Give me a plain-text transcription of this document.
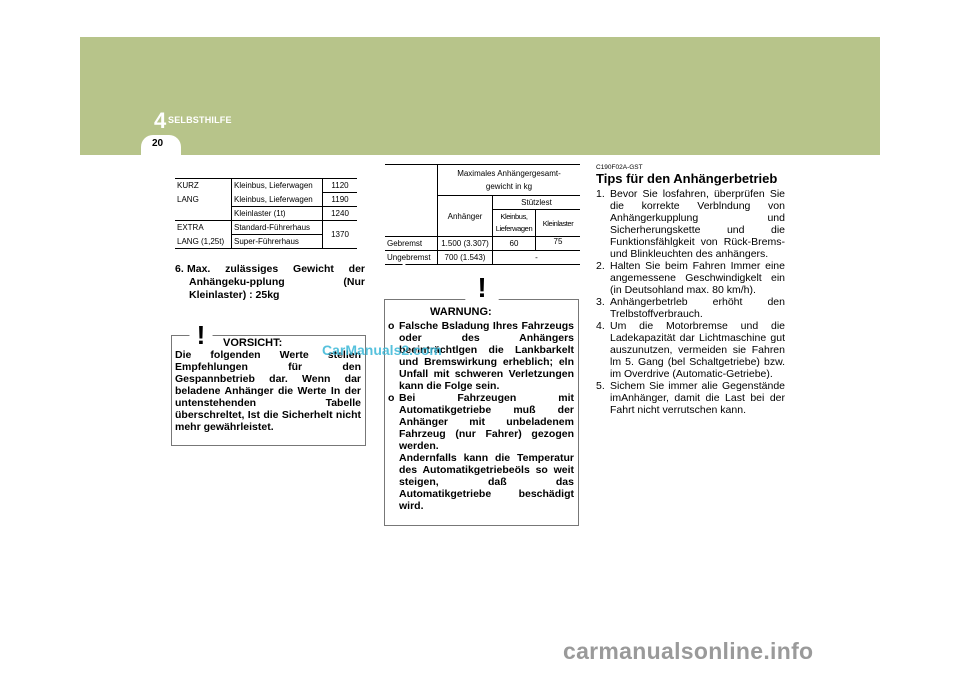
4 SELBSTHILFE
20
KURZ	Kleinbus, Lieferwagen	1120
LANG	Kleinbus, Lieferwagen	1190
	Kleinlaster (1t)	1240
EXTRA	Standard-Führerhaus	1370
LANG (1,25t)	Super-Führerhaus	
6. Max. zulässiges Gewicht der Anhängeku-pplung (Nur Kleinlaster) : 25kg
! VORSICHT:
Die folgenden Werte stellen Empfehlungen für den Gespannbetrieb dar. Wenn dar beladene Anhänger die Werte In der untenstehenden Tabelle überschreltet, Ist die Sicherhelt nicht mehr gewährleistet.
	Maximales Anhängergesamt-gewicht in kg		
	Anhänger	Stützlest	
		Kleinbus, Lieferwagen	Kleinlaster
Gebremst	1.500 (3.307)	60	75
Ungebremst	700 (1.543)	-	
!
WARNUNG:
o Falsche Bsladung Ihres Fahrzeugs oder des Anhängers beeinträchtlgen die Lankbarkelt und Bremswirkung erheblich; eln Unfall mit schweren Verletzungen kann die Folge sein.
o Bei Fahrzeugen mit Automatikgetriebe muß der Anhänger mit unbeladenem Fahrzeug (nur Fahrer) gezogen werden.
Andernfalls kann die Temperatur des Automatikgetriebeöls so weit steigen, daß das Automatikgetriebe beschädigt wird.
C190F02A-GST
Tips für den Anhängerbetrieb
1. Bevor Sie losfahren, überprüfen Sie die korrekte Verblndung von Anhängerkupplung und Sicherherungskette und die Funktionsfählgkeit von Rück-Brems- und Blinkleuchten des anhängers.
2. Halten Sie beim Fahren Immer eine angemessene Geschwindigkelt ein (in Deutsohland max. 80 km/h).
3. Anhängerbetrleb erhöht den Trelbstoffverbrauch.
4. Um die Motorbremse und die Ladekapazität dar Lichtmaschine gut auszunutzen, vermeiden sie Fahren lm 5. Gang (bel Schaltgetriebe) bzw. im Overdrive (Automatic-Getriebe).
5. Sichem Sie immer alie Gegenstände imAnhänger, damit die Last bei der Fahrt nicht verrutschen kann.
CarManuals2.com
carmanualsonline.info
